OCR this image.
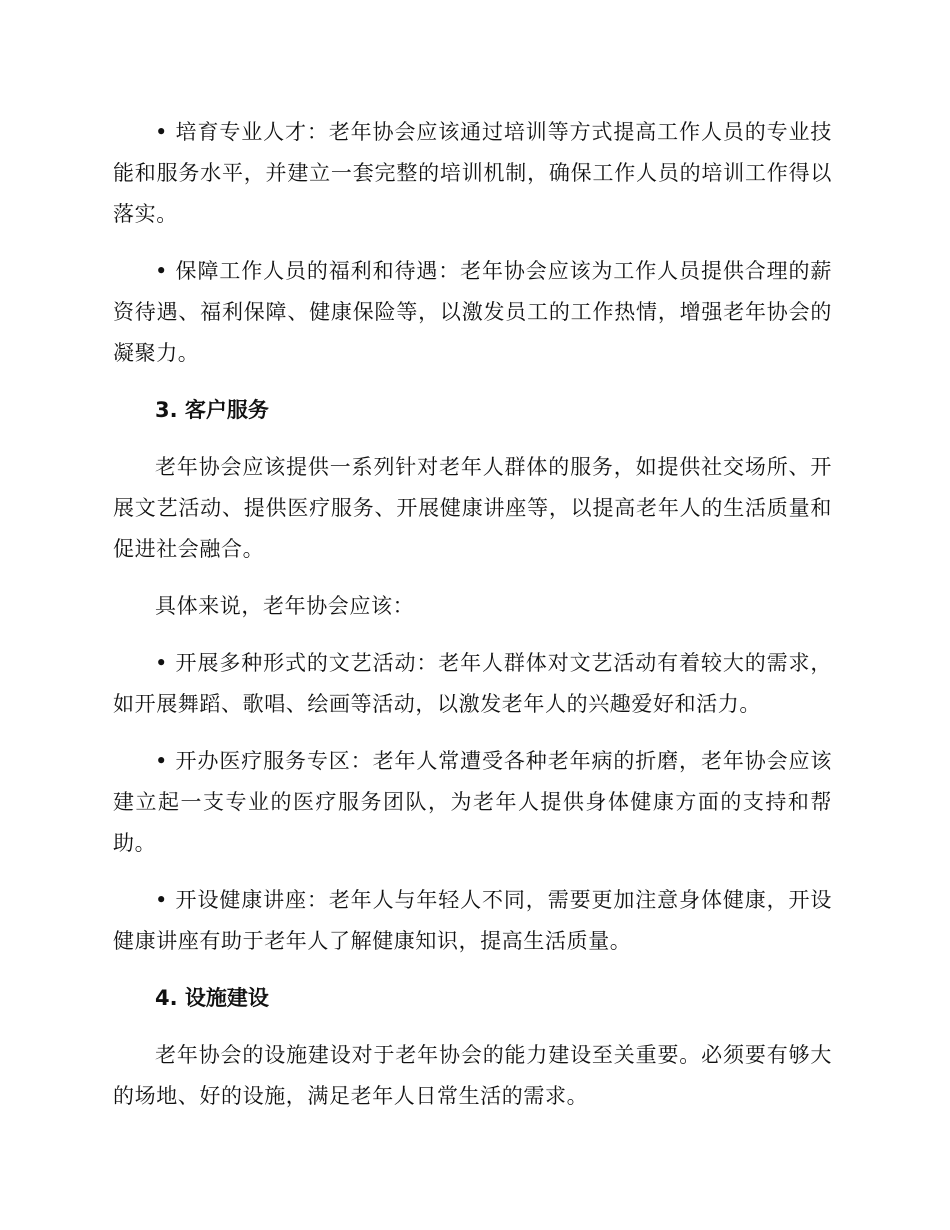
• 培育专业人才：老年协会应该通过培训等方式提高工作人员的专业技能和服务水平，并建立一套完整的培训机制，确保工作人员的培训工作得以落实。

• 保障工作人员的福利和待遇：老年协会应该为工作人员提供合理的薪资待遇、福利保障、健康保险等，以激发员工的工作热情，增强老年协会的凝聚力。

3. 客户服务

老年协会应该提供一系列针对老年人群体的服务，如提供社交场所、开展文艺活动、提供医疗服务、开展健康讲座等，以提高老年人的生活质量和促进社会融合。

具体来说，老年协会应该：

• 开展多种形式的文艺活动：老年人群体对文艺活动有着较大的需求，如开展舞蹈、歌唱、绘画等活动，以激发老年人的兴趣爱好和活力。

• 开办医疗服务专区：老年人常遭受各种老年病的折磨，老年协会应该建立起一支专业的医疗服务团队，为老年人提供身体健康方面的支持和帮助。

• 开设健康讲座：老年人与年轻人不同，需要更加注意身体健康，开设健康讲座有助于老年人了解健康知识，提高生活质量。

4. 设施建设

老年协会的设施建设对于老年协会的能力建设至关重要。必须要有够大的场地、好的设施，满足老年人日常生活的需求。
